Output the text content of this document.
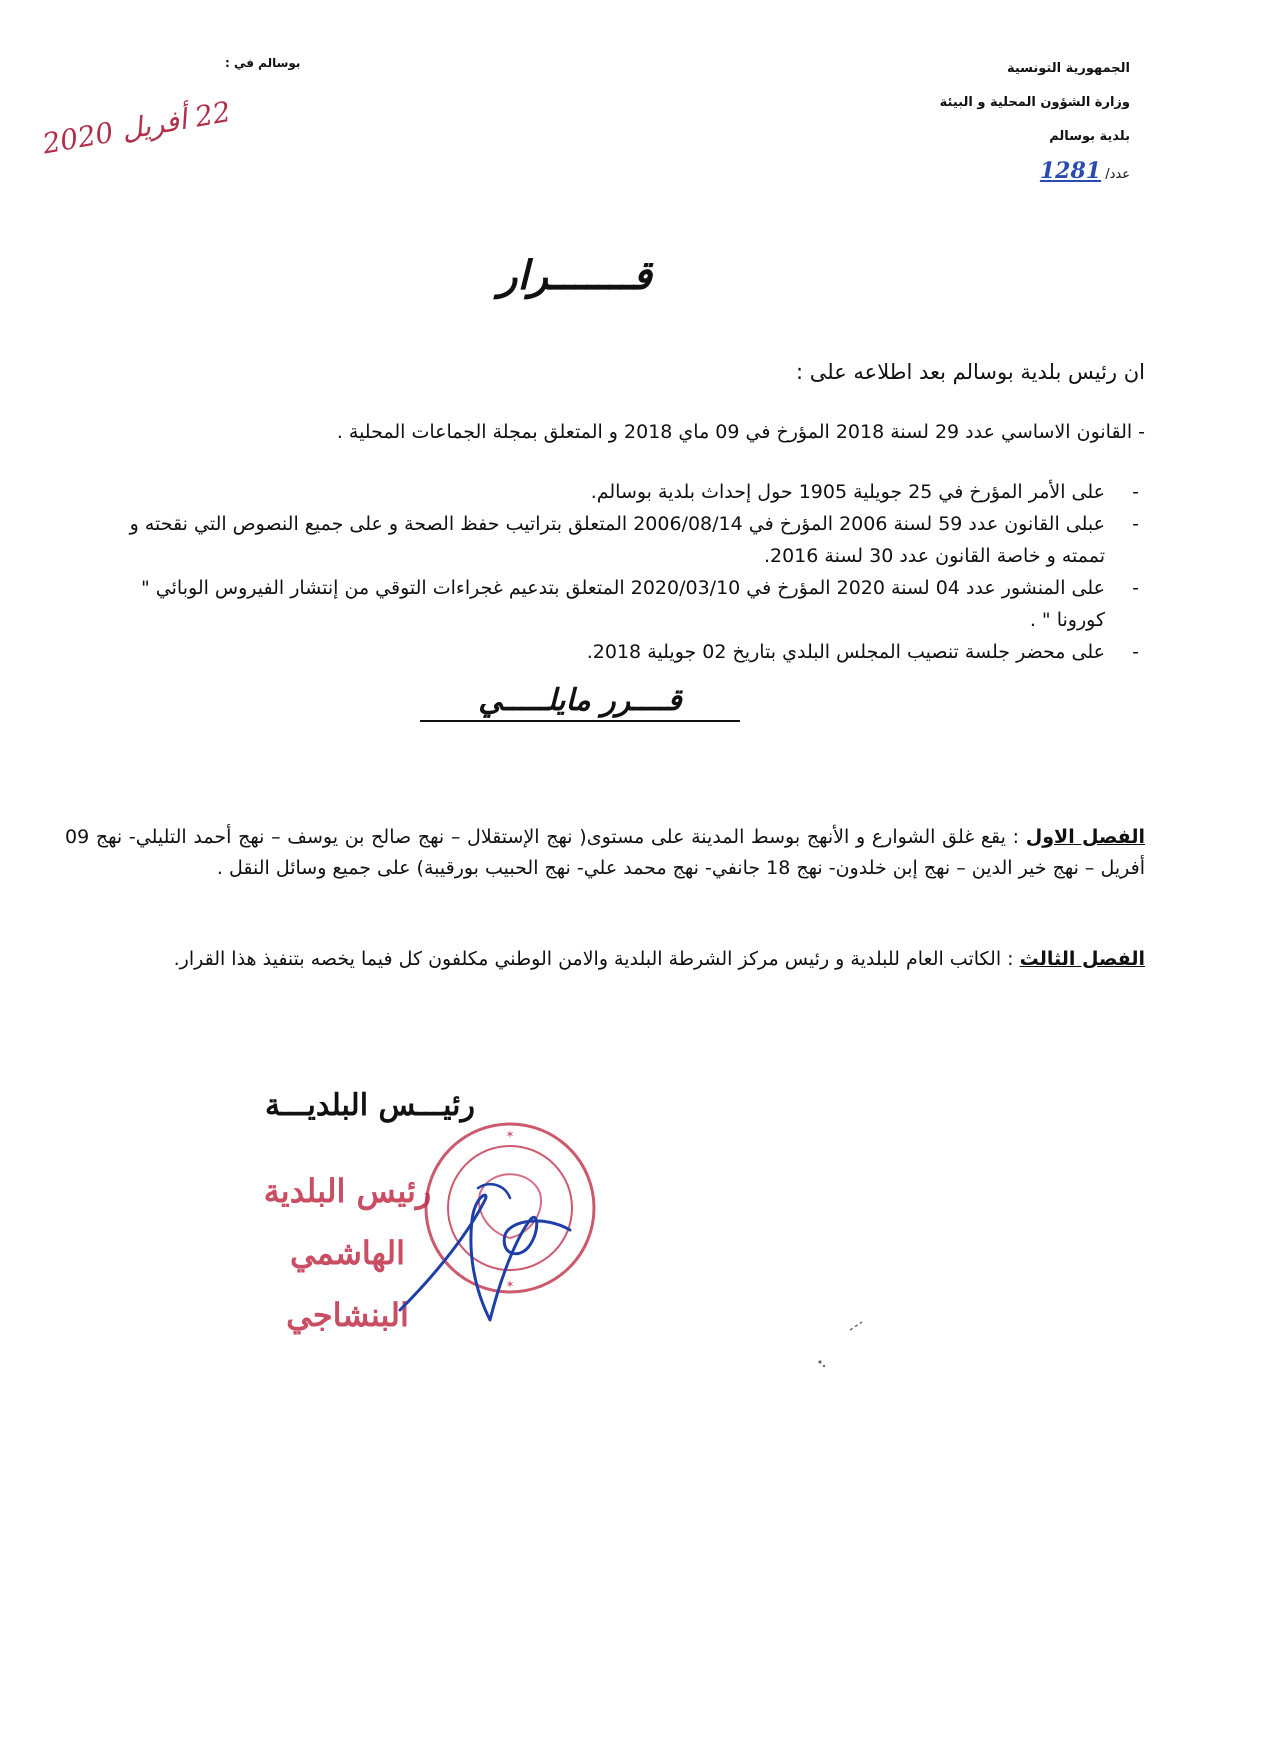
الجمهورية التونسية
وزارة الشؤون المحلية و البيئة
بلدية بوسالم
عدد/ 1281
بوسالم في :
22 أفريل 2020
قـــــــرار
ان رئيس بلدية بوسالم بعد اطلاعه على :
-القانون الاساسي عدد 29 لسنة 2018 المؤرخ في 09 ماي 2018 و المتعلق بمجلة الجماعات المحلية .
- على الأمر المؤرخ في 25 جويلية 1905 حول إحداث بلدية بوسالم.
- عبلى القانون عدد 59 لسنة 2006 المؤرخ في 2006/08/14 المتعلق بتراتيب حفظ الصحة و على جميع النصوص التي نقحته و تممته و خاصة القانون عدد 30 لسنة 2016.
- على المنشور عدد 04 لسنة 2020 المؤرخ في 2020/03/10 المتعلق بتدعيم غجراءات التوقي من إنتشار الفيروس الوبائي " كورونا " .
- على محضر جلسة تنصيب المجلس البلدي بتاريخ 02 جويلية 2018.
قــــرر مايلـــــي
الفصل الاول : يقع غلق الشوارع و الأنهج بوسط المدينة على مستوى( نهج الإستقلال – نهج صالح بن يوسف – نهج أحمد التليلي- نهج 09 أفريل – نهج خير الدين – نهج إبن خلدون- نهج 18 جانفي- نهج محمد علي- نهج الحبيب بورقيبة) على جميع وسائل النقل .
الفصل الثالث : الكاتب العام للبلدية و رئيس مركز الشرطة البلدية والامن الوطني مكلفون كل فيما يخصه بتنفيذ هذا القرار.
رئيـــس البلديـــة
رئيس البلدية
الهاشمي البنشاجي
✶
✶
